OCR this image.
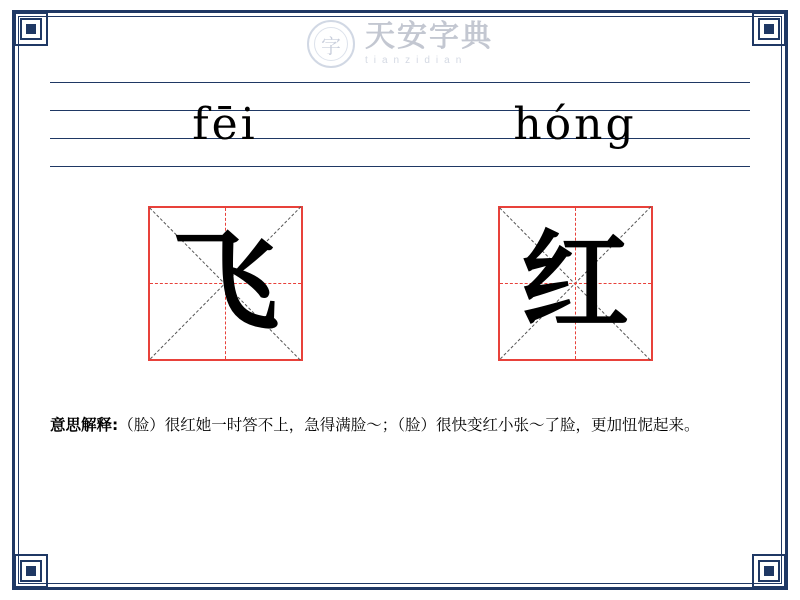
字 天安字典
tianzidian
fēi	hóng
飞 红
意思解释:（脸）很红她一时答不上，急得满脸～；（脸）很快变红小张～了脸，更加忸怩起来。
